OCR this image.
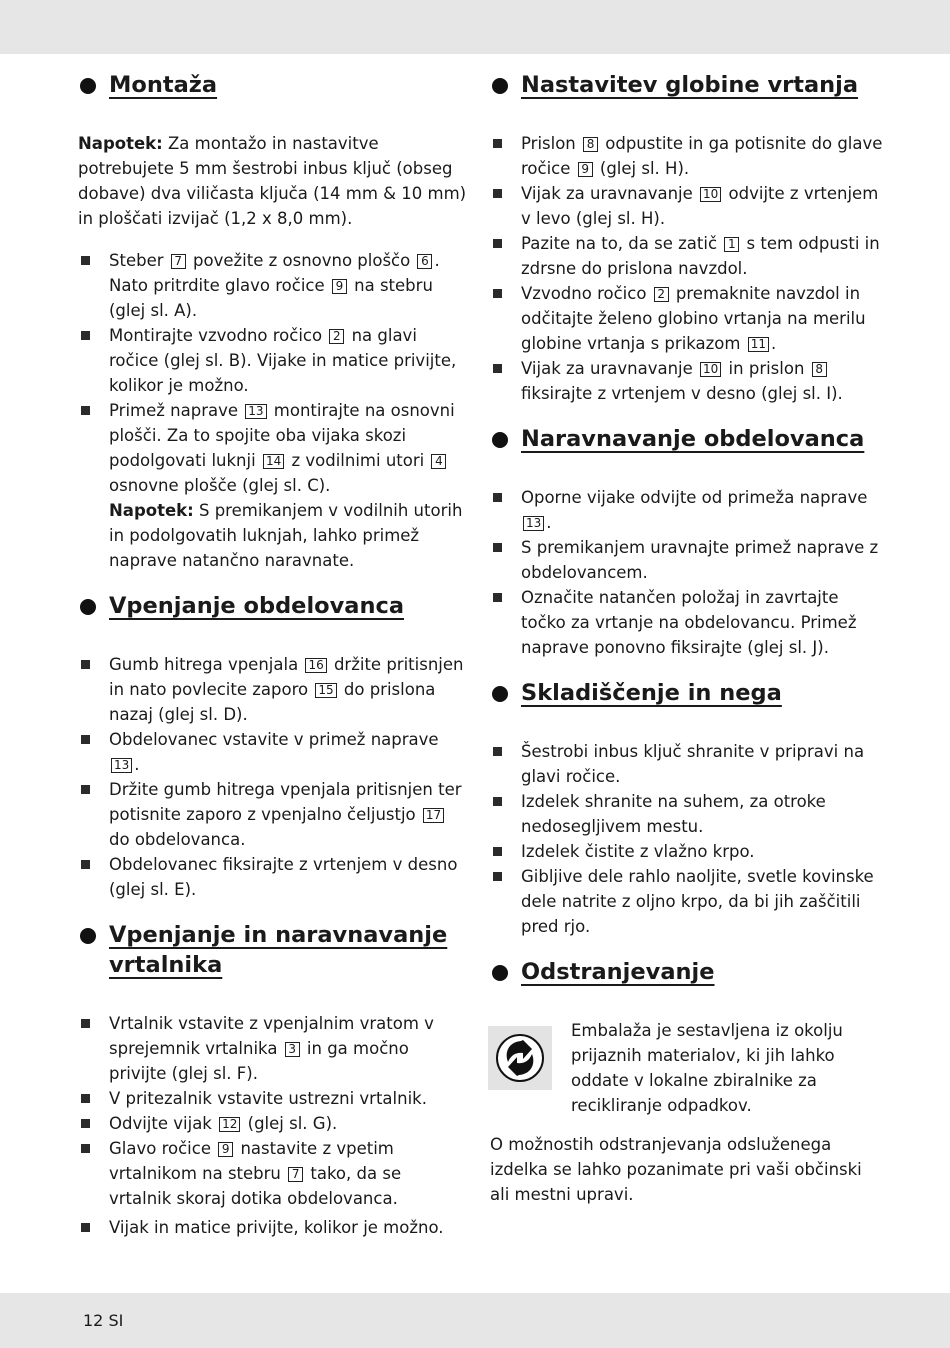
Montaža

Napotek: Za montažo in nastavitve potrebujete 5 mm šestrobi inbus ključ (obseg dobave) dva viličasta ključa (14 mm & 10 mm) in ploščati izvijač (1,2 x 8,0 mm).

Steber 7 povežite z osnovno ploščo 6 . Nato pritrdite glavo ročice 9 na stebru (glej sl. A).
Montirajte vzvodno ročico 2 na glavi ročice (glej sl. B). Vijake in matice privijte, kolikor je možno.
Primež naprave 13 montirajte na osnovni plošči. Za to spojite oba vijaka skozi podolgovati luknji 14 z vodilnimi utori 4 osnovne plošče (glej sl. C).
Napotek: S premikanjem v vodilnih utorih in podolgovatih luknjah, lahko primež naprave natančno naravnate.
Vpenjanje obdelovanca
Gumb hitrega vpenjala 16 držite pritisnjen in nato povlecite zaporo 15 do prislona nazaj (glej sl. D).
Obdelovanec vstavite v primež naprave 13 .
Držite gumb hitrega vpenjala pritisnjen ter potisnite zaporo z vpenjalno čeljustjo 17 do obdelovanca.
Obdelovanec fiksirajte z vrtenjem v desno (glej sl. E).
Vpenjanje in naravnavanje vrtalnika
Vrtalnik vstavite z vpenjalnim vratom v sprejemnik vrtalnika 3 in ga močno privijte (glej sl. F).
V pritezalnik vstavite ustrezni vrtalnik.
Odvijte vijak 12 (glej sl. G).
Glavo ročice 9 nastavite z vpetim vrtalnikom na stebru 7 tako, da se vrtalnik skoraj dotika obdelovanca.
Vijak in matice privijte, kolikor je možno.
Nastavitev globine vrtanja
Prislon 8 odpustite in ga potisnite do glave ročice 9 (glej sl. H).
Vijak za uravnavanje 10 odvijte z vrtenjem v levo (glej sl. H).
Pazite na to, da se zatič 1 s tem odpusti in zdrsne do prislona navzdol.
Vzvodno ročico 2 premaknite navzdol in odčitajte želeno globino vrtanja na merilu globine vrtanja s prikazom 11 .
Vijak za uravnavanje 10 in prislon 8 fiksirajte z vrtenjem v desno (glej sl. I).
Naravnavanje obdelovanca
Oporne vijake odvijte od primeža naprave 13 .
S premikanjem uravnajte primež naprave z obdelovancem.
Označite natančen položaj in zavrtajte točko za vrtanje na obdelovancu. Primež naprave ponovno fiksirajte (glej sl. J).
Skladiščenje in nega
Šestrobi inbus ključ shranite v pripravi na glavi ročice.
Izdelek shranite na suhem, za otroke nedosegljivem mestu.
Izdelek čistite z vlažno krpo.
Gibljive dele rahlo naoljite, svetle kovinske dele natrite z oljno krpo, da bi jih zaščitili pred rjo.
Odstranjevanje
Embalaža je sestavljena iz okolju prijaznih materialov, ki jih lahko oddate v lokalne zbiralnike za recikliranje odpadkov.
O možnostih odstranjevanja odsluženega izdelka se lahko pozanimate pri vaši občinski ali mestni upravi.
12 SI
